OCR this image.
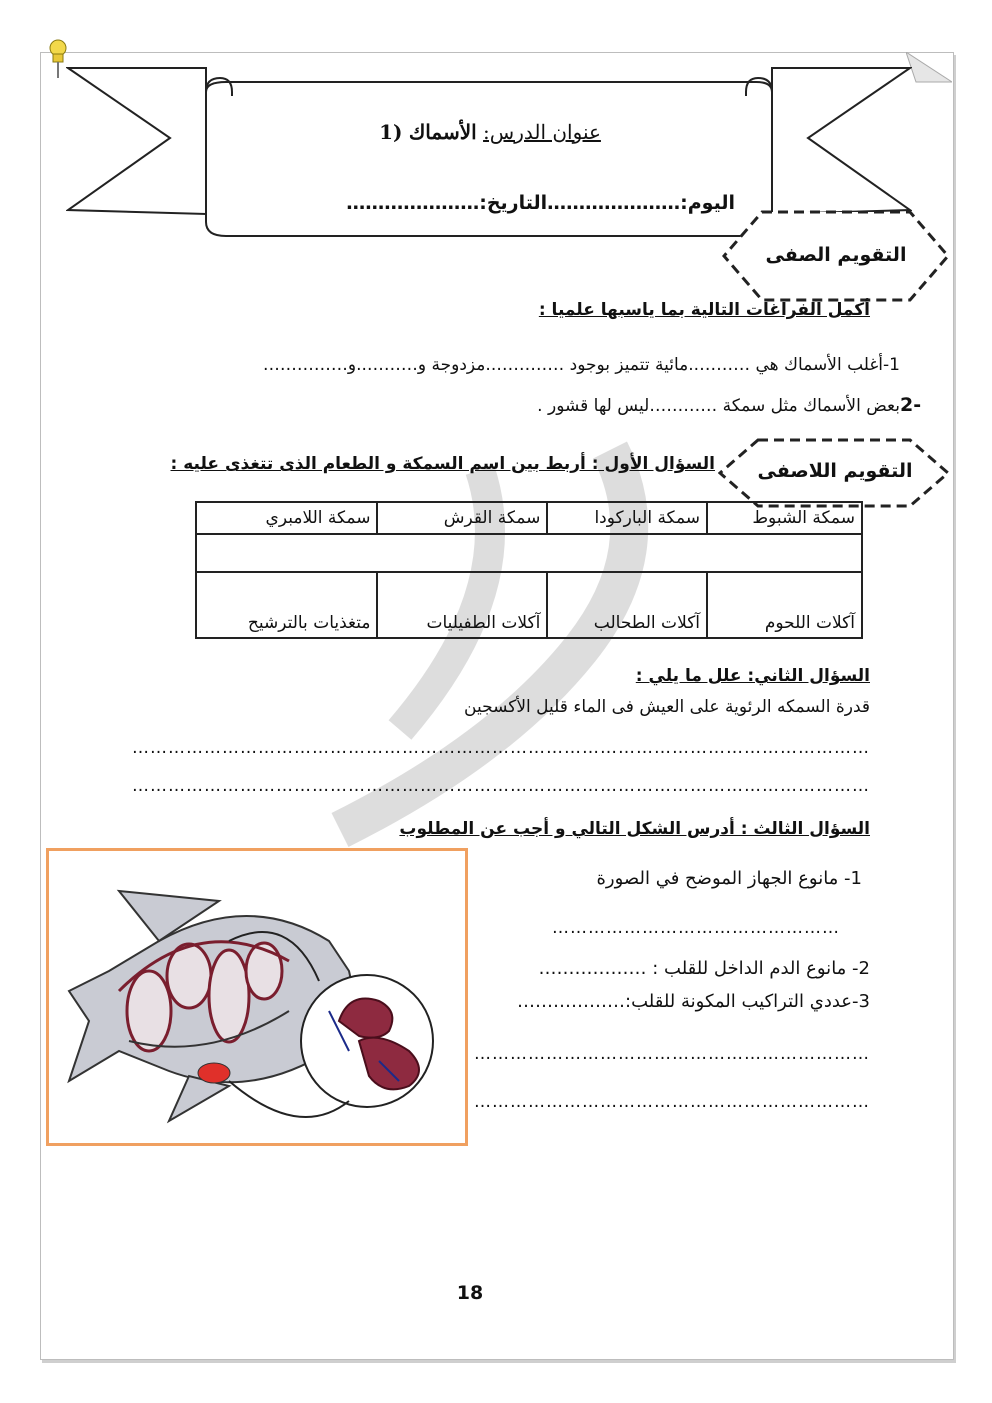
عنوان الدرس: الأسماك (1
اليوم:…………………التاريخ:…………………
التقويم الصفى
أكمل الفراغات التالية بما ياسبها علميا :
1-أغلب الأسماك هي ………..مائية تتميز بوجود …………..مزدوجة و………..و……………
بعض الأسماك مثل سمكة …………ليس لها قشور . 2-
التقويم اللاصفى
السؤال الأول : أربط بين اسم السمكة و الطعام الذى تتغذى عليه :
سمكة الشبوط	سمكة الباركودا	سمكة القرش	سمكة اللامبري

آكلات اللحوم	آكلات الطحالب	آكلات الطفيليات	متغذيات بالترشيح
السؤال الثاني: علل ما يلي :
قدرة السمكه الرئوية على العيش فى الماء قليل الأكسجين
……………………………………………………………………………………………………………
……………………………………………………………………………………………………………
السؤال الثالث : أدرس الشكل التالي و أجب عن المطلوب
1- مانوع الجهاز الموضح في الصورة
…………………………………………
2- مانوع الدم الداخل للقلب : ………………
3-عددي التراكيب المكونة للقلب:………………
…………………………………………………………
…………………………………………………………
18
